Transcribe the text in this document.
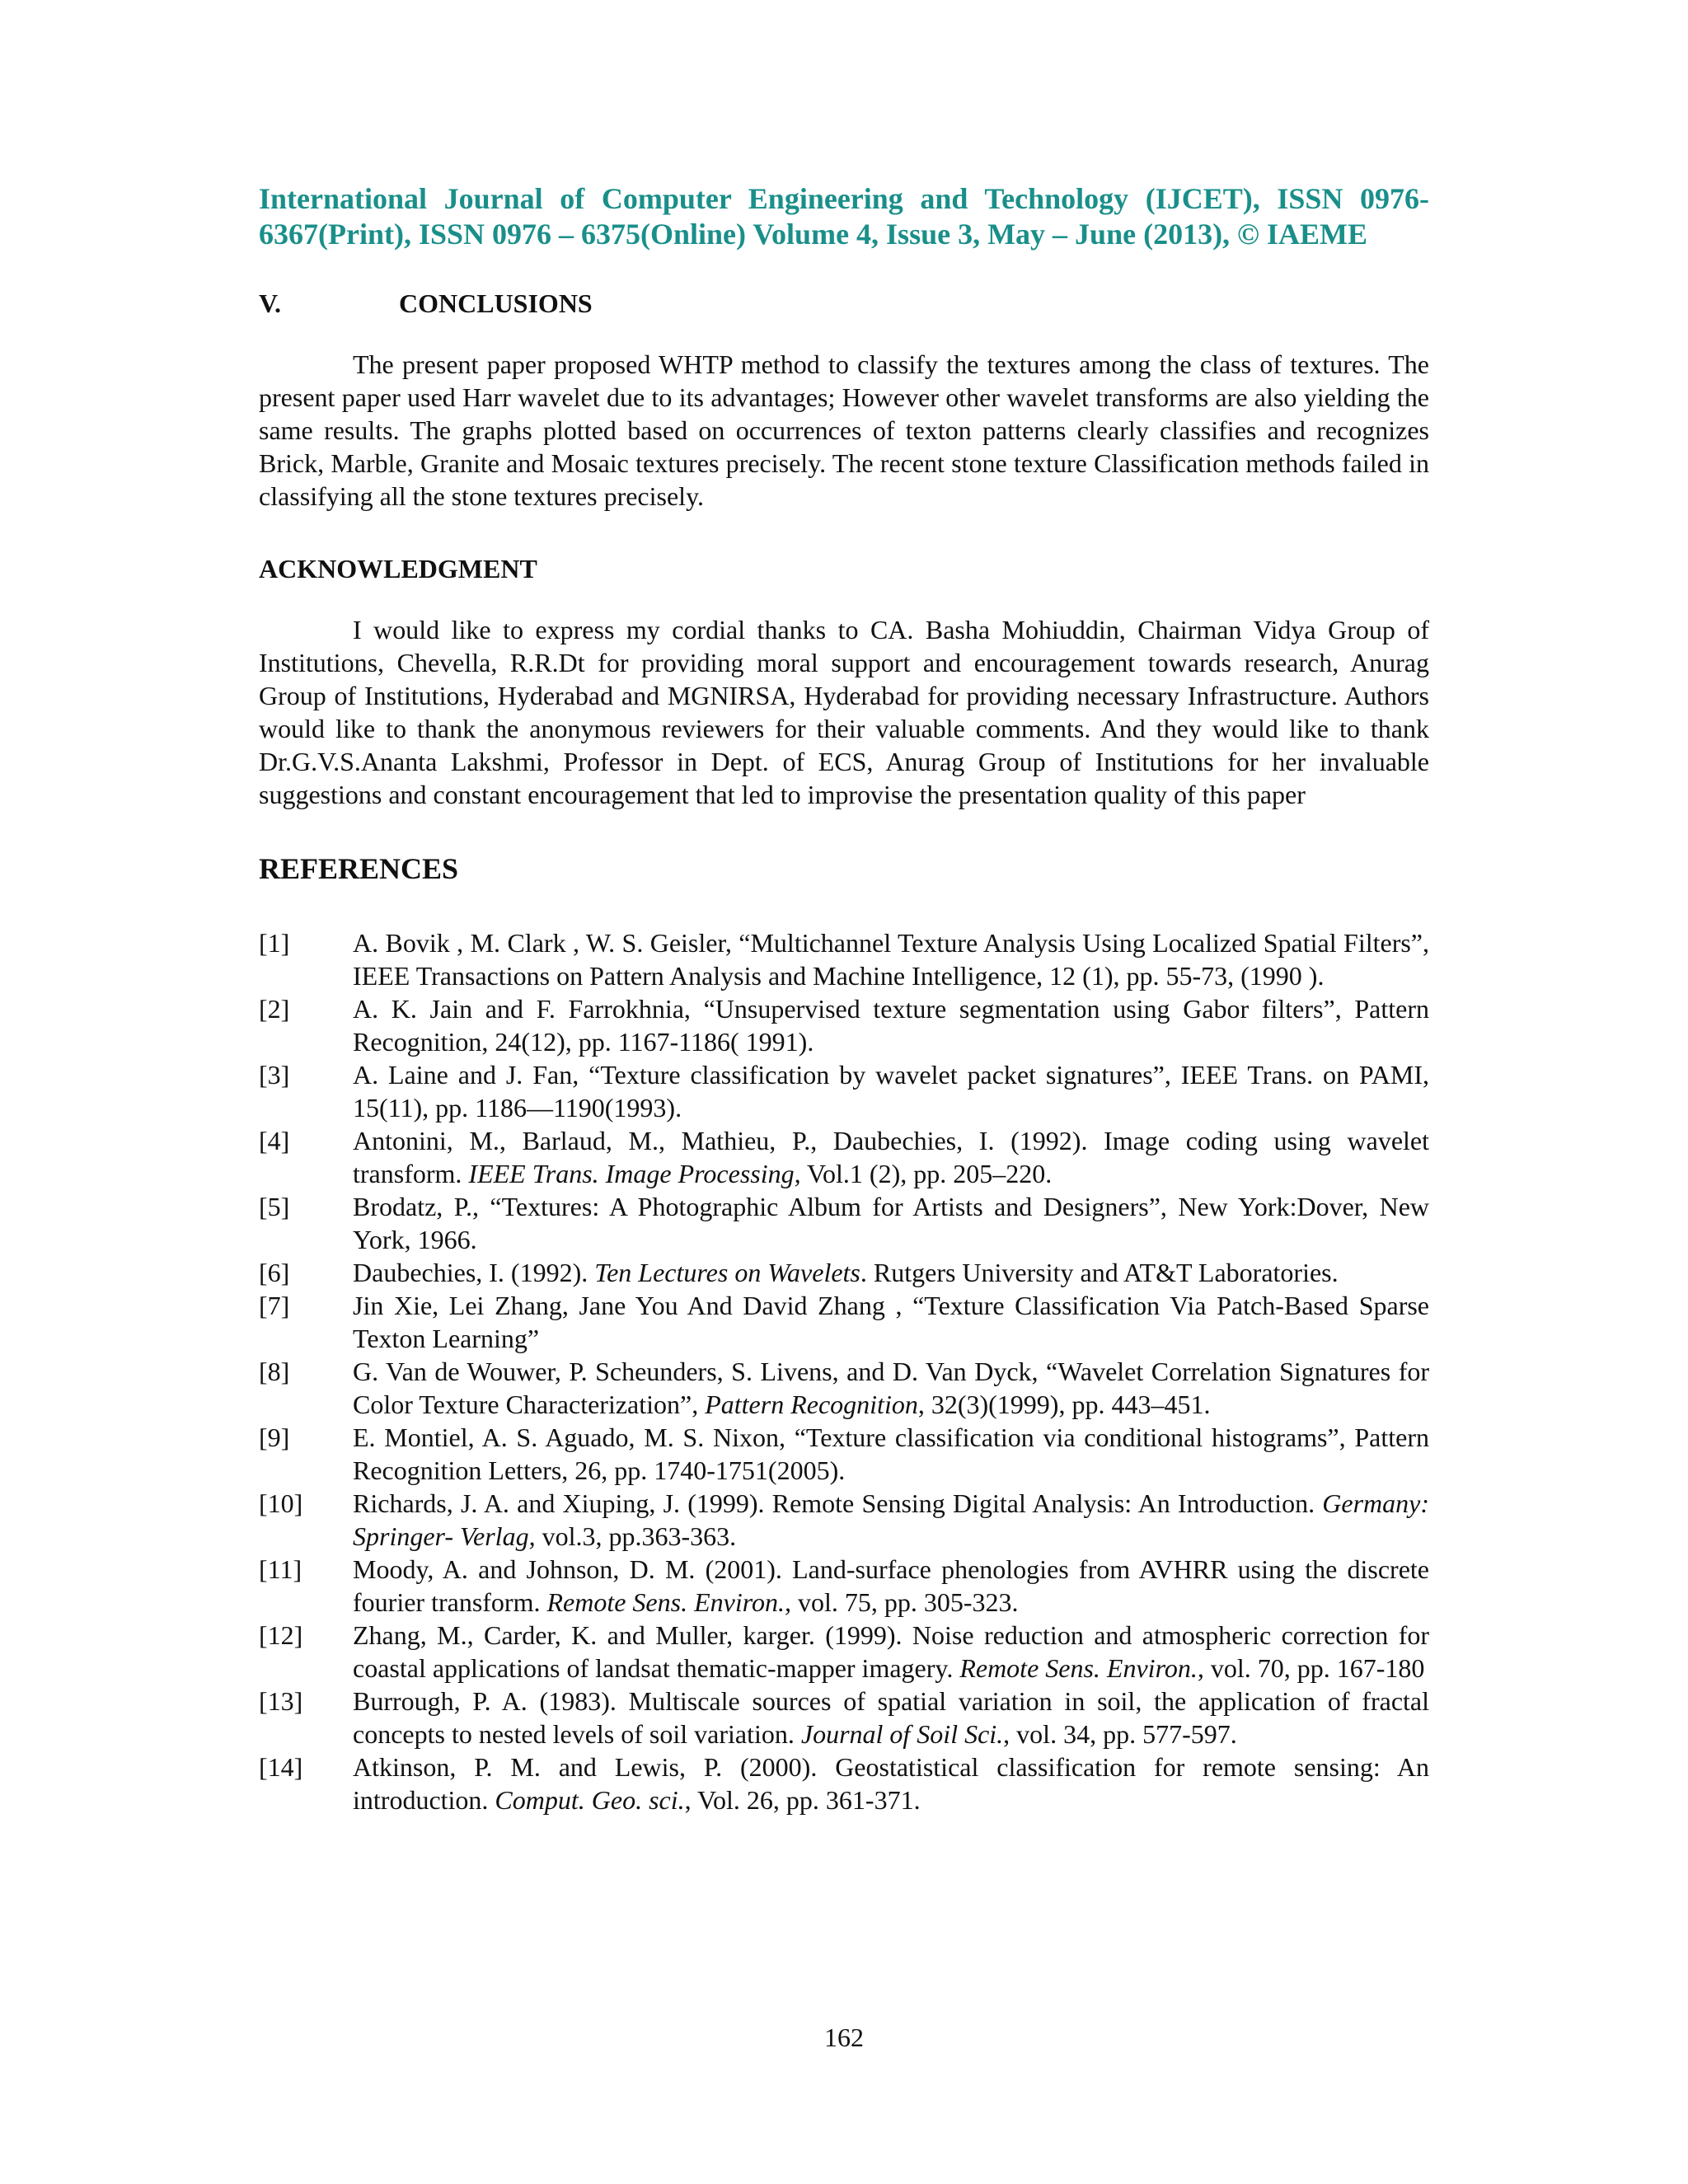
International Journal of Computer Engineering and Technology (IJCET), ISSN 0976-6367(Print), ISSN 0976 – 6375(Online) Volume 4, Issue 3, May – June (2013), © IAEME

V.	CONCLUSIONS

The present paper proposed WHTP method to classify the textures among the class of textures. The present paper used Harr wavelet due to its advantages; However other wavelet transforms are also yielding the same results. The graphs plotted based on occurrences of texton patterns clearly classifies and recognizes Brick, Marble, Granite and Mosaic textures precisely. The recent stone texture Classification methods failed in classifying all the stone textures precisely.

ACKNOWLEDGMENT

I would like to express my cordial thanks to CA. Basha Mohiuddin, Chairman Vidya Group of Institutions, Chevella, R.R.Dt for providing moral support and encouragement towards research, Anurag Group of Institutions, Hyderabad and MGNIRSA, Hyderabad for providing necessary Infrastructure. Authors would like to thank the anonymous reviewers for their valuable comments. And they would like to thank Dr.G.V.S.Ananta Lakshmi, Professor in Dept. of ECS, Anurag Group of Institutions for her invaluable suggestions and constant encouragement that led to improvise the presentation quality of this paper

REFERENCES
[1]	A. Bovik , M. Clark , W. S. Geisler, “Multichannel Texture Analysis Using Localized Spatial Filters”, IEEE Transactions on Pattern Analysis and Machine Intelligence, 12 (1), pp. 55-73, (1990 ).
[2]	A. K. Jain and F. Farrokhnia, “Unsupervised texture segmentation using Gabor filters”, Pattern Recognition, 24(12), pp. 1167-1186( 1991).
[3]	A. Laine and J. Fan, “Texture classification by wavelet packet signatures”, IEEE Trans. on PAMI, 15(11), pp. 1186—1190(1993).
[4]	Antonini, M., Barlaud, M., Mathieu, P., Daubechies, I. (1992). Image coding using wavelet transform. IEEE Trans. Image Processing, Vol.1 (2), pp. 205–220.
[5]	Brodatz, P., “Textures: A Photographic Album for Artists and Designers”, New York:Dover, New York, 1966.
[6]	Daubechies, I. (1992). Ten Lectures on Wavelets. Rutgers University and AT&T Laboratories.
[7]	Jin Xie, Lei Zhang, Jane You And David Zhang , “Texture Classification Via Patch-Based Sparse Texton Learning”
[8]	G. Van de Wouwer, P. Scheunders, S. Livens, and D. Van Dyck, “Wavelet Correlation Signatures for Color Texture Characterization”, Pattern Recognition, 32(3)(1999), pp. 443–451.
[9]	E. Montiel, A. S. Aguado, M. S. Nixon, “Texture classification via conditional histograms”, Pattern Recognition Letters, 26, pp. 1740-1751(2005).
[10]	Richards, J. A. and Xiuping, J. (1999). Remote Sensing Digital Analysis: An Introduction. Germany: Springer- Verlag, vol.3, pp.363-363.
[11]	Moody, A. and Johnson, D. M. (2001). Land-surface phenologies from AVHRR using the discrete fourier transform. Remote Sens. Environ., vol. 75, pp. 305-323.
[12]	Zhang, M., Carder, K. and Muller, karger. (1999). Noise reduction and atmospheric correction for coastal applications of landsat thematic-mapper imagery. Remote Sens. Environ., vol. 70, pp. 167-180
[13]	Burrough, P. A. (1983). Multiscale sources of spatial variation in soil, the application of fractal concepts to nested levels of soil variation. Journal of Soil Sci., vol. 34, pp. 577-597.
[14]	Atkinson, P. M. and Lewis, P. (2000). Geostatistical classification for remote sensing: An introduction. Comput. Geo. sci., Vol. 26, pp. 361-371.
162
